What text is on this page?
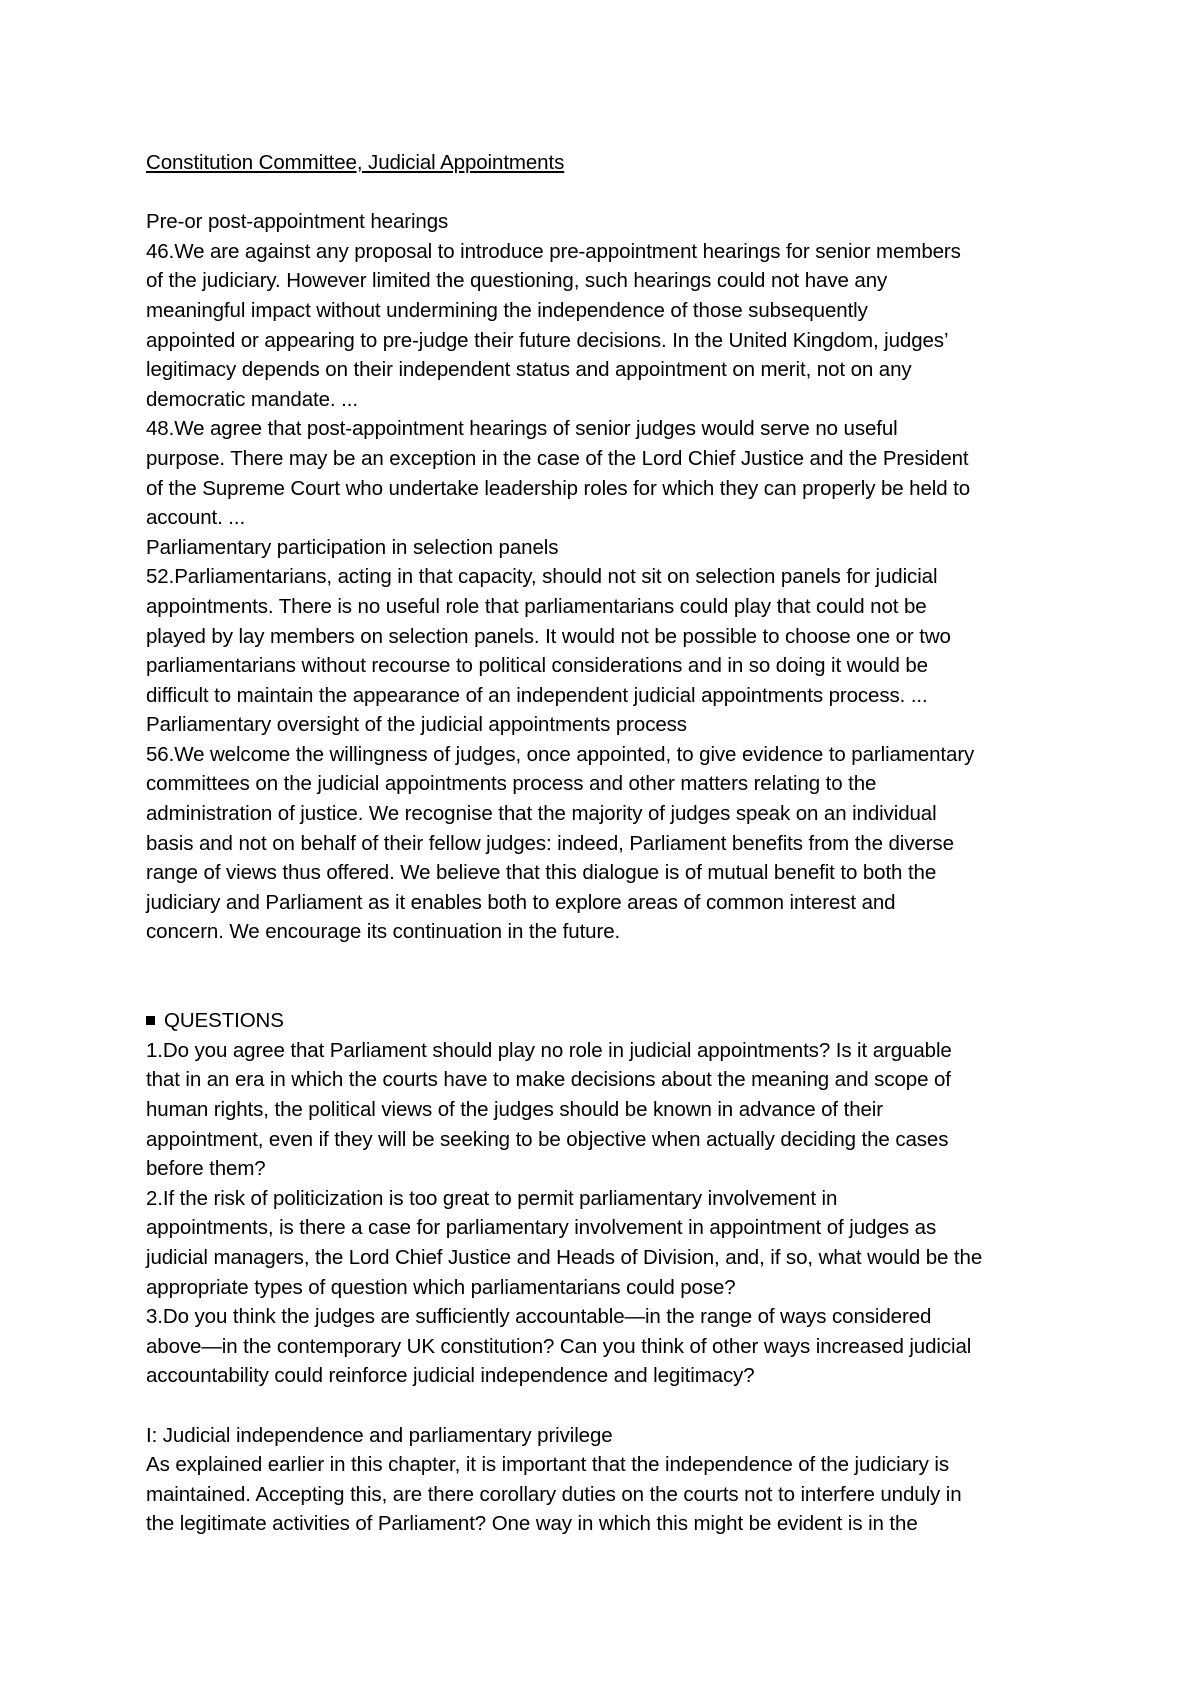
Constitution Committee, Judicial Appointments
Pre-or post-appointment hearings
46.We are against any proposal to introduce pre-appointment hearings for senior members
of the judiciary. However limited the questioning, such hearings could not have any
meaningful impact without undermining the independence of those subsequently
appointed or appearing to pre-judge their future decisions. In the United Kingdom, judges’
legitimacy depends on their independent status and appointment on merit, not on any
democratic mandate. ...
48.We agree that post-appointment hearings of senior judges would serve no useful
purpose. There may be an exception in the case of the Lord Chief Justice and the President
of the Supreme Court who undertake leadership roles for which they can properly be held to
account. ...
Parliamentary participation in selection panels
52.Parliamentarians, acting in that capacity, should not sit on selection panels for judicial
appointments. There is no useful role that parliamentarians could play that could not be
played by lay members on selection panels. It would not be possible to choose one or two
parliamentarians without recourse to political considerations and in so doing it would be
difficult to maintain the appearance of an independent judicial appointments process. ...
Parliamentary oversight of the judicial appointments process
56.We welcome the willingness of judges, once appointed, to give evidence to parliamentary
committees on the judicial appointments process and other matters relating to the
administration of justice. We recognise that the majority of judges speak on an individual
basis and not on behalf of their fellow judges: indeed, Parliament benefits from the diverse
range of views thus offered. We believe that this dialogue is of mutual benefit to both the
judiciary and Parliament as it enables both to explore areas of common interest and
concern. We encourage its continuation in the future.
QUESTIONS
1.Do you agree that Parliament should play no role in judicial appointments? Is it arguable
that in an era in which the courts have to make decisions about the meaning and scope of
human rights, the political views of the judges should be known in advance of their
appointment, even if they will be seeking to be objective when actually deciding the cases
before them?
2.If the risk of politicization is too great to permit parliamentary involvement in
appointments, is there a case for parliamentary involvement in appointment of judges as
judicial managers, the Lord Chief Justice and Heads of Division, and, if so, what would be the
appropriate types of question which parliamentarians could pose?
3.Do you think the judges are sufficiently accountable—in the range of ways considered
above—in the contemporary UK constitution? Can you think of other ways increased judicial
accountability could reinforce judicial independence and legitimacy?
I: Judicial independence and parliamentary privilege
As explained earlier in this chapter, it is important that the independence of the judiciary is
maintained. Accepting this, are there corollary duties on the courts not to interfere unduly in
the legitimate activities of Parliament? One way in which this might be evident is in the
